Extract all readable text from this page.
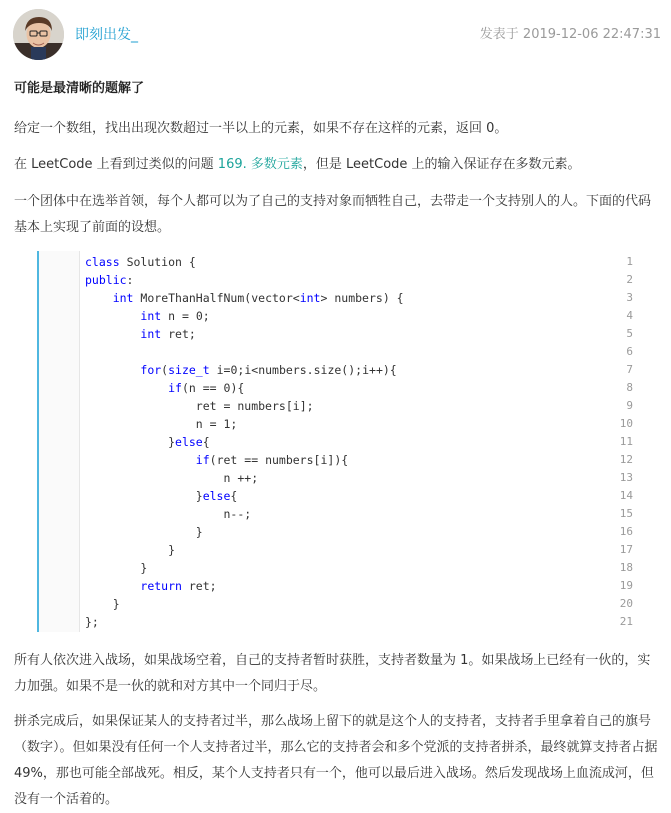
即刻出发_	发表于 2019-12-06 22:47:31
可能是最清晰的题解了

给定一个数组，找出出现次数超过一半以上的元素，如果不存在这样的元素，返回 0。

在 LeetCode 上看到过类似的问题 169. 多数元素，但是 LeetCode 上的输入保证存在多数元素。

一个团体中在选举首领，每个人都可以为了自己的支持对象而牺牲自己，去带走一个支持别人的人。下面的代码基本上实现了前面的设想。

1
2
3
4
5
6
7
8
9
10
11
12
13
14
15
16
17
18
19
20
21
class Solution {
public:
int MoreThanHalfNum(vector<int> numbers) {
int n = 0;
int ret;

for(size_t i=0;i<numbers.size();i++){
if(n == 0){
ret = numbers[i];
n = 1;
}else{
if(ret == numbers[i]){
n ++;
}else{
n--;
}
}
}
return ret;
}
};

所有人依次进入战场，如果战场空着，自己的支持者暂时获胜，支持者数量为 1。如果战场上已经有一伙的，实力加强。如果不是一伙的就和对方其中一个同归于尽。

拼杀完成后，如果保证某人的支持者过半，那么战场上留下的就是这个人的支持者，支持者手里拿着自己的旗号（数字）。但如果没有任何一个人支持者过半，那么它的支持者会和多个党派的支持者拼杀，最终就算支持者占据 49%，那也可能全部战死。相反，某个人支持者只有一个，他可以最后进入战场。然后发现战场上血流成河，但没有一个活着的。
